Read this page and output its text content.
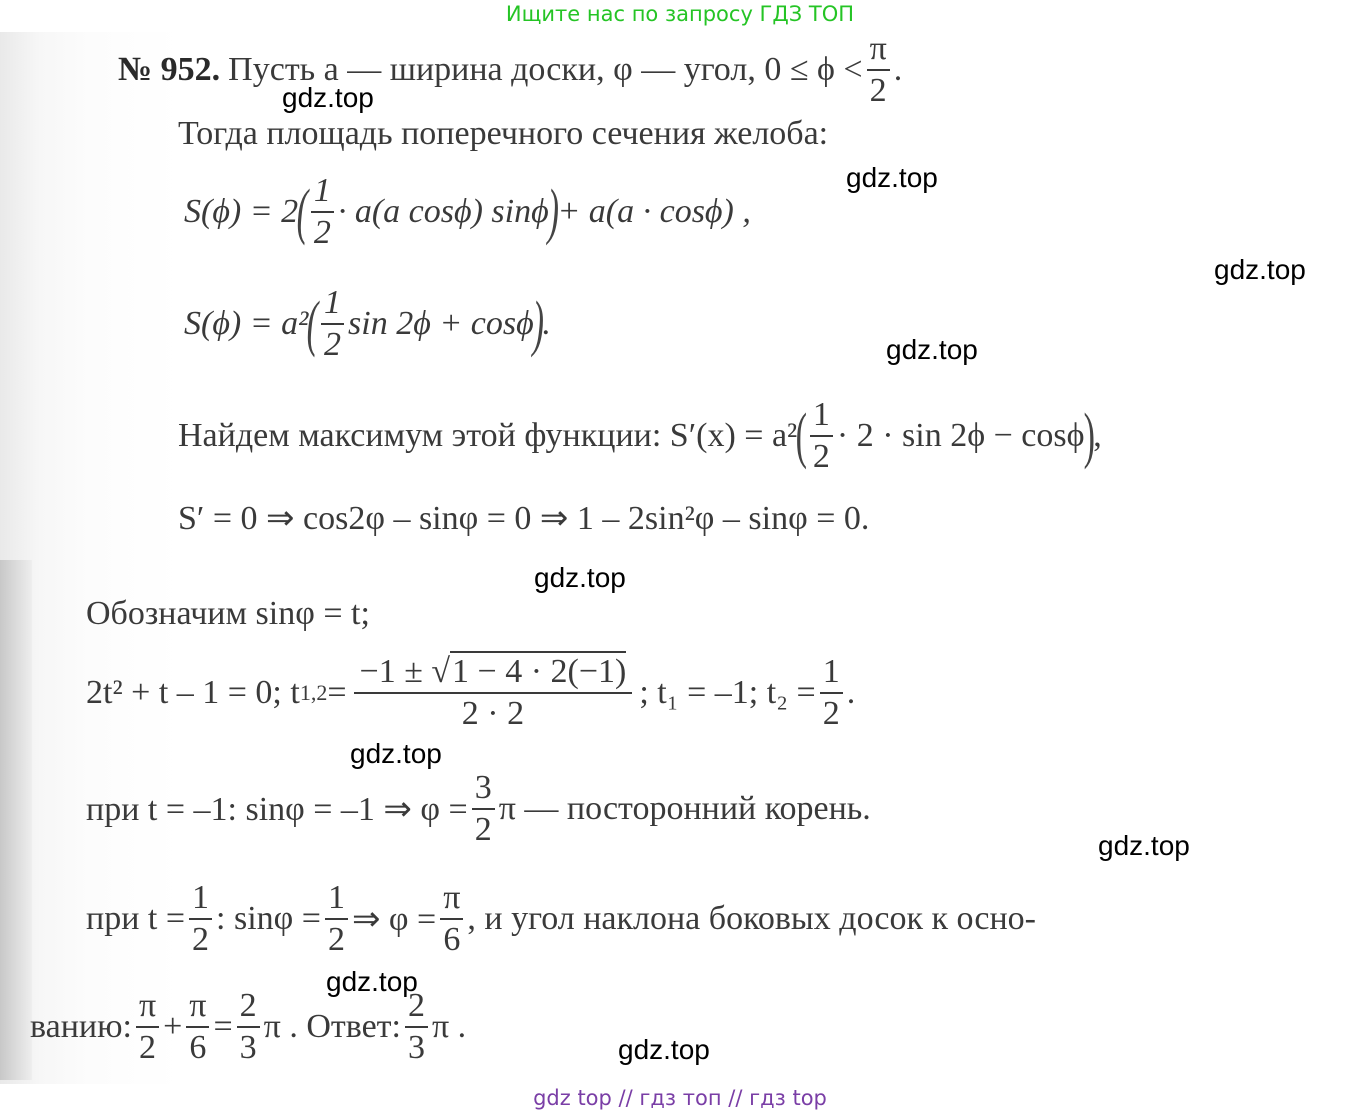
Ищите нас по запросу ГДЗ ТОП
№ 952. Пусть a — ширина доски, φ — угол, $0 \le \phi < \frac{\pi}{2}$ .
Тогда площадь поперечного сечения желоба:
S(ϕ) = 2
( $\frac{1}{2} \cdot a(a$ cosϕ) sinϕ
)
+ a(a · cosϕ) ,
S(ϕ) = a²
( $\frac{1}{2}$ sin 2ϕ + cosϕ
)
.
Найдем максимум этой функции: S′(x) = a²
( $\frac{1}{2} \cdot 2 \cdot \sin 2\phi - \cos\phi$
)
,
S′ = 0 ⇒ cos2φ – sinφ = 0 ⇒ 1 – 2sin²φ – sinφ = 0.
Обозначим sinφ = t;
2t² + t – 1 = 0; t $1,2 = \frac{-1 \pm √1 - 4 \cdot 2(-1)}{2 \cdot 2}$ ; t₁ = –1; $t_2 = \frac{1}{2}$ .
при t = –1: sinφ = –1 ⇒ $\varphi = \frac{3}{2}$ π — посторонний корень.
при $t = \frac{1}{2}$ : $\sin\varphi = \frac{1}{2}$ ⇒ $\varphi = \frac{\pi}{6}$ , и угол наклона боковых досок к осно-
ванию: $\frac{\pi}{2} + \frac{\pi}{6} = \frac{2}{3}$ π . Ответ: $\frac{2}{3}$ π .
gdz.top
gdz.top
gdz.top
gdz.top
gdz.top
gdz.top
gdz.top
gdz.top
gdz.top
gdz top // гдз топ // гдз top
